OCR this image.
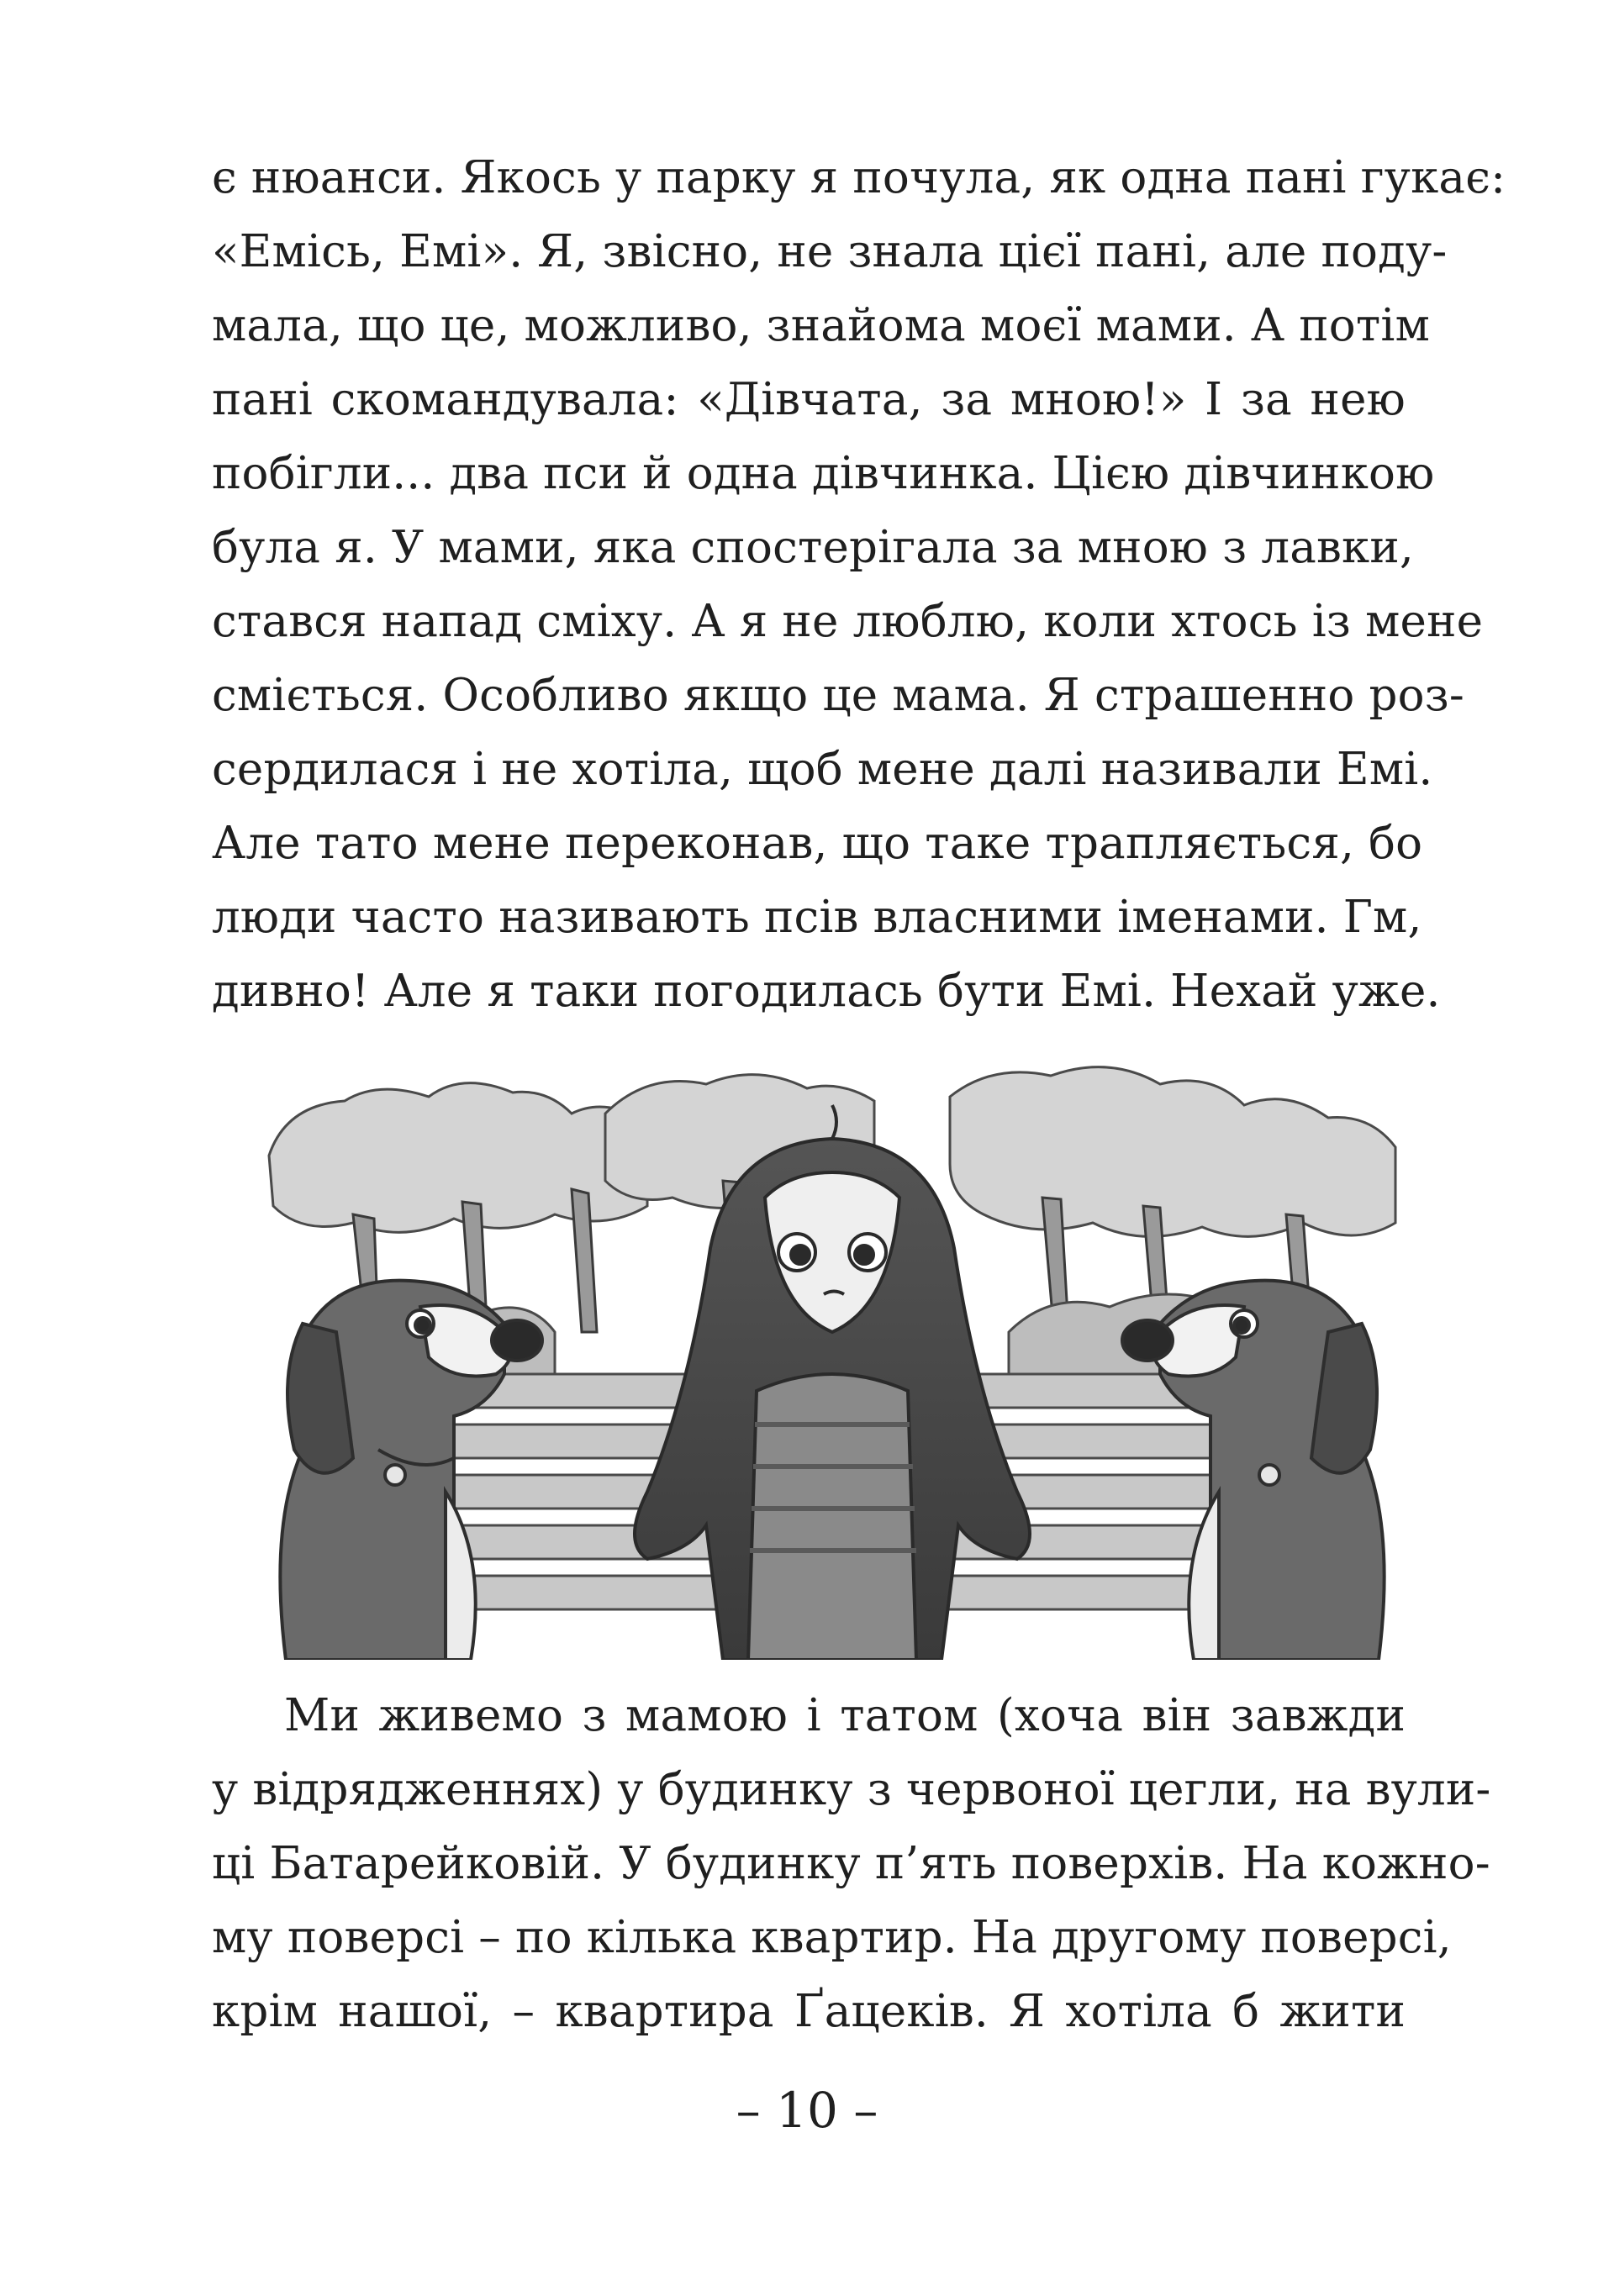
є нюанси. Якось у парку я почула, як одна пані гукає:
«Еміcь, Емі». Я, звісно, не знала цієї пані, але поду-
мала, що це, можливо, знайома моєї мами. А потім
пані скомандувала: «Дівчата, за мною!» І за нею
побігли... два пси й одна дівчинка. Цією дівчинкою
була я. У мами, яка спостерігала за мною з лавки,
стався напад сміху. А я не люблю, коли хтось із мене
сміється. Особливо якщо це мама. Я страшенно роз-
сердилася і не хотіла, щоб мене далі називали Емі.
Але тато мене переконав, що таке трапляється, бо
люди часто називають псів власними іменами. Гм,
дивно! Але я таки погодилась бути Емі. Нехай уже.
Ми живемо з мамою і татом (хоча він завжди
у відрядженнях) у будинку з червоної цегли, на вули-
ці Батарейковій. У будинку п’ять поверхів. На кожно-
му поверсі – по кілька квартир. На другому поверсі,
крім нашої, – квартира Ґацеків. Я хотіла б жити
– 10 –
